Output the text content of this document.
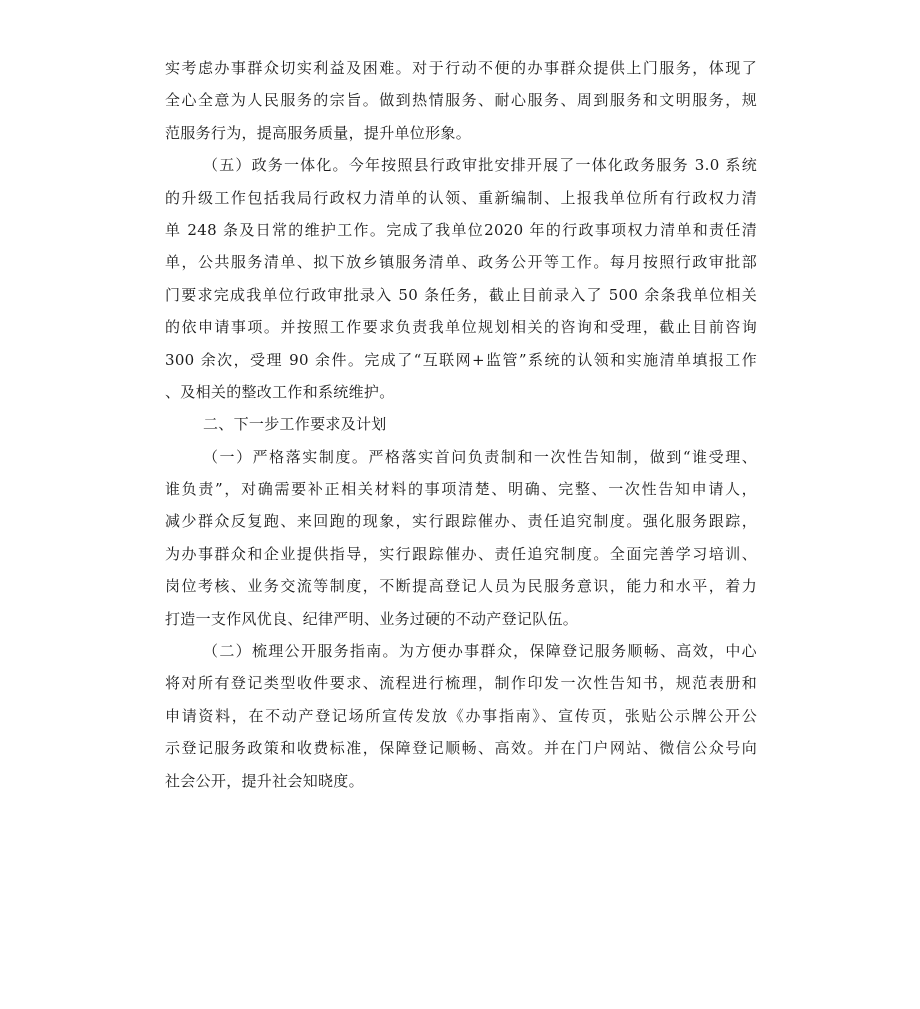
实考虑办事群众切实利益及困难。对于行动不便的办事群众提供上门服务，体现了
全心全意为人民服务的宗旨。做到热情服务、耐心服务、周到服务和文明服务，规
范服务行为，提高服务质量，提升单位形象。
（五）政务一体化。今年按照县行政审批安排开展了一体化政务服务 3.0 系统
的升级工作包括我局行政权力清单的认领、重新编制、上报我单位所有行政权力清
单 248 条及日常的维护工作。完成了我单位2020 年的行政事项权力清单和责任清
单，公共服务清单、拟下放乡镇服务清单、政务公开等工作。每月按照行政审批部
门要求完成我单位行政审批录入 50 条任务，截止目前录入了 500 余条我单位相关
的依申请事项。并按照工作要求负责我单位规划相关的咨询和受理，截止目前咨询
300 余次，受理 90 余件。完成了“互联网+监管”系统的认领和实施清单填报工作
、及相关的整改工作和系统维护。
二、下一步工作要求及计划
（一）严格落实制度。严格落实首问负责制和一次性告知制，做到“谁受理、
谁负责”，对确需要补正相关材料的事项清楚、明确、完整、一次性告知申请人，
减少群众反复跑、来回跑的现象，实行跟踪催办、责任追究制度。强化服务跟踪，
为办事群众和企业提供指导，实行跟踪催办、责任追究制度。全面完善学习培训、
岗位考核、业务交流等制度，不断提高登记人员为民服务意识，能力和水平，着力
打造一支作风优良、纪律严明、业务过硬的不动产登记队伍。
（二）梳理公开服务指南。为方便办事群众，保障登记服务顺畅、高效，中心
将对所有登记类型收件要求、流程进行梳理，制作印发一次性告知书，规范表册和
申请资料，在不动产登记场所宣传发放《办事指南》、宣传页，张贴公示牌公开公
示登记服务政策和收费标准，保障登记顺畅、高效。并在门户网站、微信公众号向
社会公开，提升社会知晓度。
